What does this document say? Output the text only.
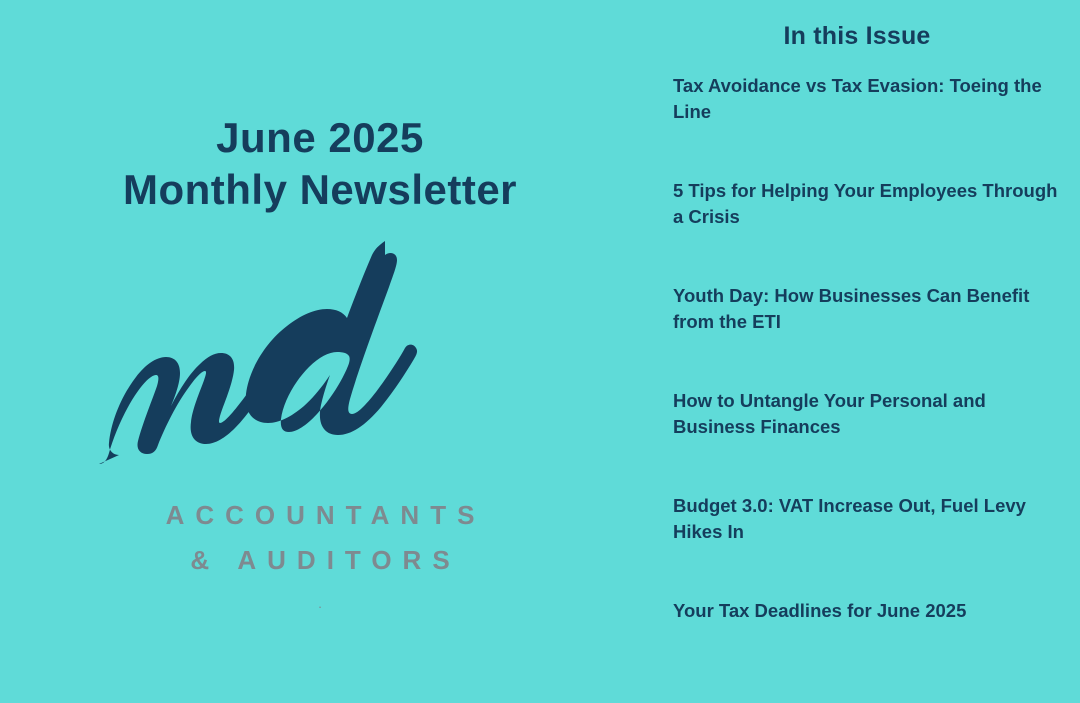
June 2025
Monthly Newsletter
ACCOUNTANTS
& AUDITORS
.
In this Issue
Tax Avoidance vs Tax Evasion: Toeing the Line
5 Tips for Helping Your Employees Through a Crisis
Youth Day: How Businesses Can Benefit from the ETI
How to Untangle Your Personal and Business Finances
Budget 3.0: VAT Increase Out, Fuel Levy Hikes In
Your Tax Deadlines for June 2025
